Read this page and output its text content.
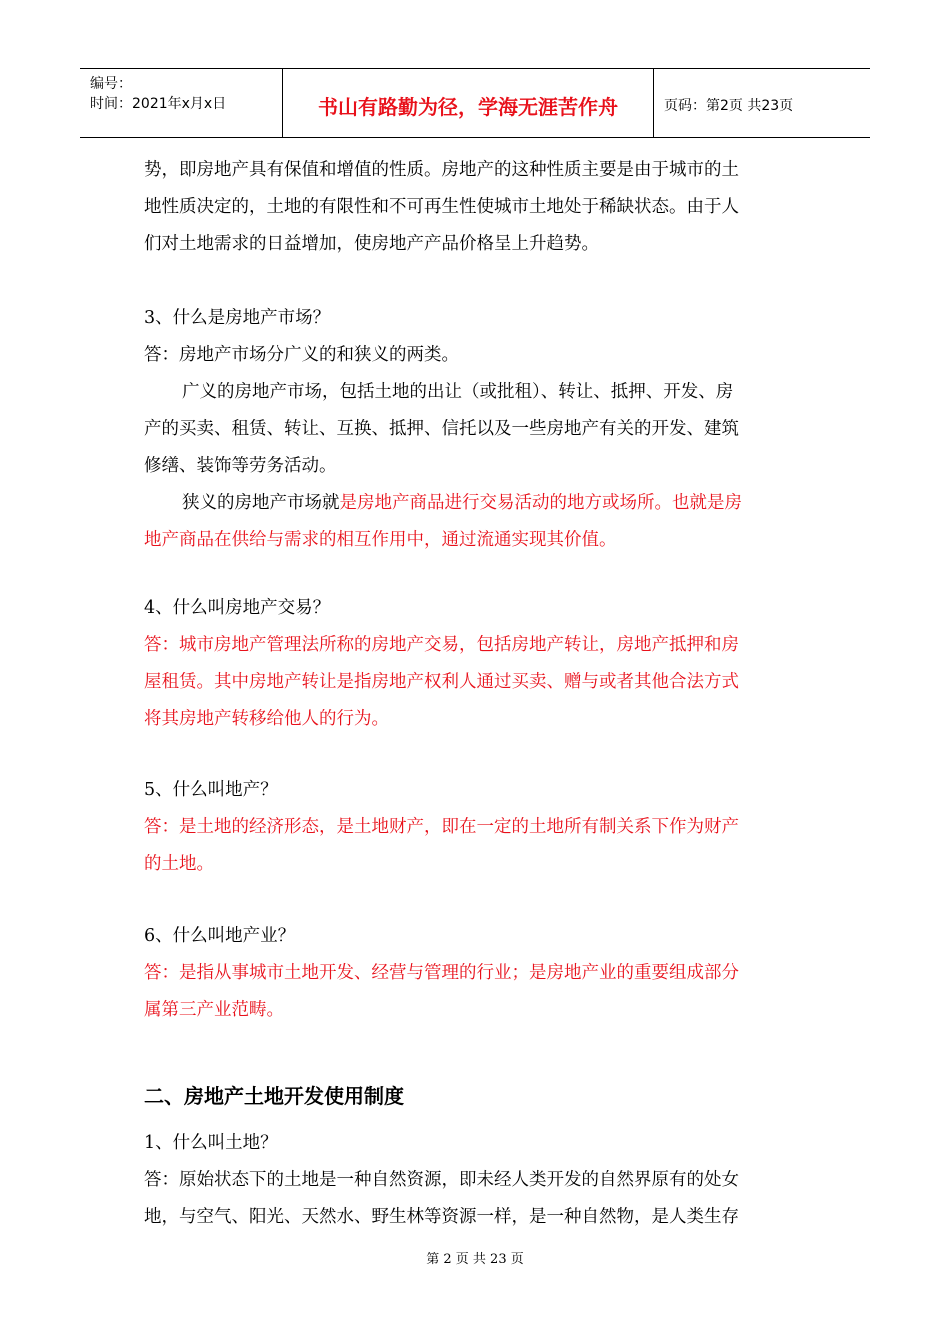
编号：
时间：2021年x月x日	书山有路勤为径，学海无涯苦作舟	页码：第2页 共23页
势，即房地产具有保值和增值的性质。房地产的这种性质主要是由于城市的土
地性质决定的，土地的有限性和不可再生性使城市土地处于稀缺状态。由于人
们对土地需求的日益增加，使房地产产品价格呈上升趋势。
3、什么是房地产市场？
答：房地产市场分广义的和狭义的两类。
广义的房地产市场，包括土地的出让（或批租）、转让、抵押、开发、房
产的买卖、租赁、转让、互换、抵押、信托以及一些房地产有关的开发、建筑
修缮、装饰等劳务活动。
狭义的房地产市场就是房地产商品进行交易活动的地方或场所。也就是房
地产商品在供给与需求的相互作用中，通过流通实现其价值。
4、什么叫房地产交易？
答：城市房地产管理法所称的房地产交易，包括房地产转让，房地产抵押和房
屋租赁。其中房地产转让是指房地产权利人通过买卖、赠与或者其他合法方式
将其房地产转移给他人的行为。
5、什么叫地产？
答：是土地的经济形态，是土地财产，即在一定的土地所有制关系下作为财产
的土地。
6、什么叫地产业？
答：是指从事城市土地开发、经营与管理的行业；是房地产业的重要组成部分
属第三产业范畴。
二、房地产土地开发使用制度
1、什么叫土地？
答：原始状态下的土地是一种自然资源，即未经人类开发的自然界原有的处女
地，与空气、阳光、天然水、野生林等资源一样，是一种自然物，是人类生存
第 2 页 共 23 页
